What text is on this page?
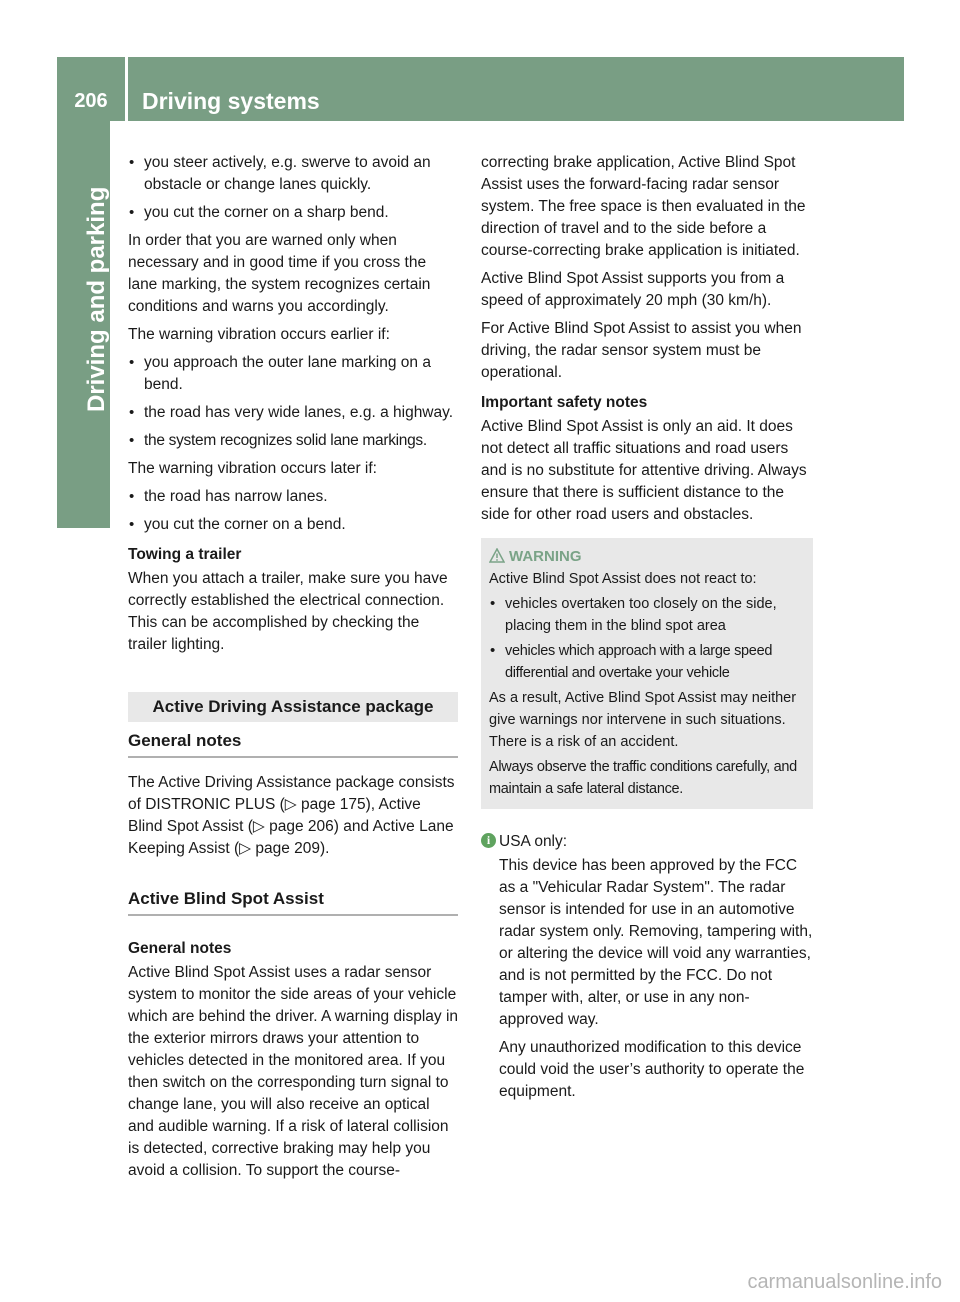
206	Driving systems
Driving and parking
• you steer actively, e.g. swerve to avoid an obstacle or change lanes quickly.
• you cut the corner on a sharp bend.

In order that you are warned only when necessary and in good time if you cross the lane marking, the system recognizes certain conditions and warns you accordingly.

The warning vibration occurs earlier if:

• you approach the outer lane marking on a bend.
• the road has very wide lanes, e.g. a highway.
• the system recognizes solid lane markings.

The warning vibration occurs later if:

• the road has narrow lanes.
• you cut the corner on a bend.
Towing a trailer

When you attach a trailer, make sure you have correctly established the electrical connection. This can be accomplished by checking the trailer lighting.

Active Driving Assistance package
General notes

The Active Driving Assistance package consists of DISTRONIC PLUS (▷ page 175), Active Blind Spot Assist (▷ page 206) and Active Lane Keeping Assist (▷ page 209).

Active Blind Spot Assist
General notes

Active Blind Spot Assist uses a radar sensor system to monitor the side areas of your vehicle which are behind the driver. A warning display in the exterior mirrors draws your attention to vehicles detected in the monitored area. If you then switch on the corresponding turn signal to change lane, you will also receive an optical and audible warning. If a risk of lateral collision is detected, corrective braking may help you avoid a collision. To support the course-

correcting brake application, Active Blind Spot Assist uses the forward-facing radar sensor system. The free space is then evaluated in the direction of travel and to the side before a course-correcting brake application is initiated.

Active Blind Spot Assist supports you from a speed of approximately 20 mph (30 km/h).

For Active Blind Spot Assist to assist you when driving, the radar sensor system must be operational.

Important safety notes

Active Blind Spot Assist is only an aid. It does not detect all traffic situations and road users and is no substitute for attentive driving. Always ensure that there is sufficient distance to the side for other road users and obstacles.

WARNING

Active Blind Spot Assist does not react to:

• vehicles overtaken too closely on the side, placing them in the blind spot area
• vehicles which approach with a large speed differential and overtake your vehicle

As a result, Active Blind Spot Assist may neither give warnings nor intervene in such situations. There is a risk of an accident.

Always observe the traffic conditions carefully, and maintain a safe lateral distance.

i USA only:

This device has been approved by the FCC as a "Vehicular Radar System". The radar sensor is intended for use in an automotive radar system only. Removing, tampering with, or altering the device will void any warranties, and is not permitted by the FCC. Do not tamper with, alter, or use in any non-approved way.

Any unauthorized modification to this device could void the user’s authority to operate the equipment.

carmanualsonline.info
